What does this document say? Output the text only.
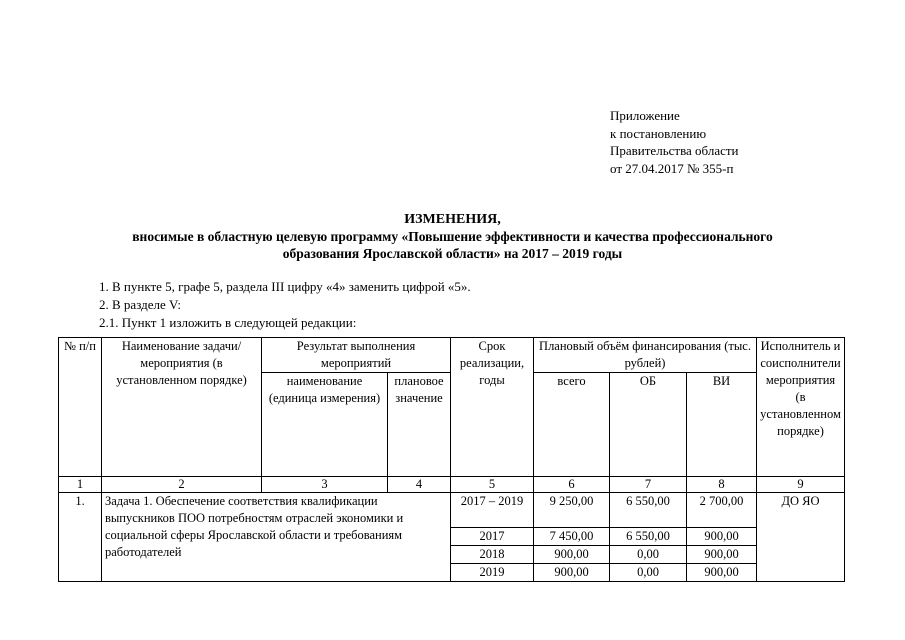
Приложение
к постановлению
Правительства области
от 27.04.2017 № 355-п
ИЗМЕНЕНИЯ,
вносимые в областную целевую программу «Повышение эффективности и качества профессионального
образования Ярославской области» на 2017 – 2019 годы
1. В пункте 5, графе 5, раздела III цифру «4» заменить цифрой «5».
2. В разделе V:
2.1. Пункт 1 изложить в следующей редакции:
№ п/п	Наименование задачи/мероприятия (в установленном порядке)	Результат выполнения мероприятий		Срок реализации, годы	Плановый объём финансирования (тыс. рублей)			Исполнитель и соисполнители мероприятия (в установленном порядке)
		наименование (единица измерения)	плановое значение		всего	ОБ	ВИ	
1	2	3	4	5	6	7	8	9
1.	Задача 1. Обеспечение соответствия квалификации выпускников ПОО потребностям отраслей экономики и социальной сферы Ярославской области и требованиям работодателей			2017 – 2019	9 250,00	6 550,00	2 700,00	ДО ЯО
				2017	7 450,00	6 550,00	900,00	
				2018	900,00	0,00	900,00	
				2019	900,00	0,00	900,00	
